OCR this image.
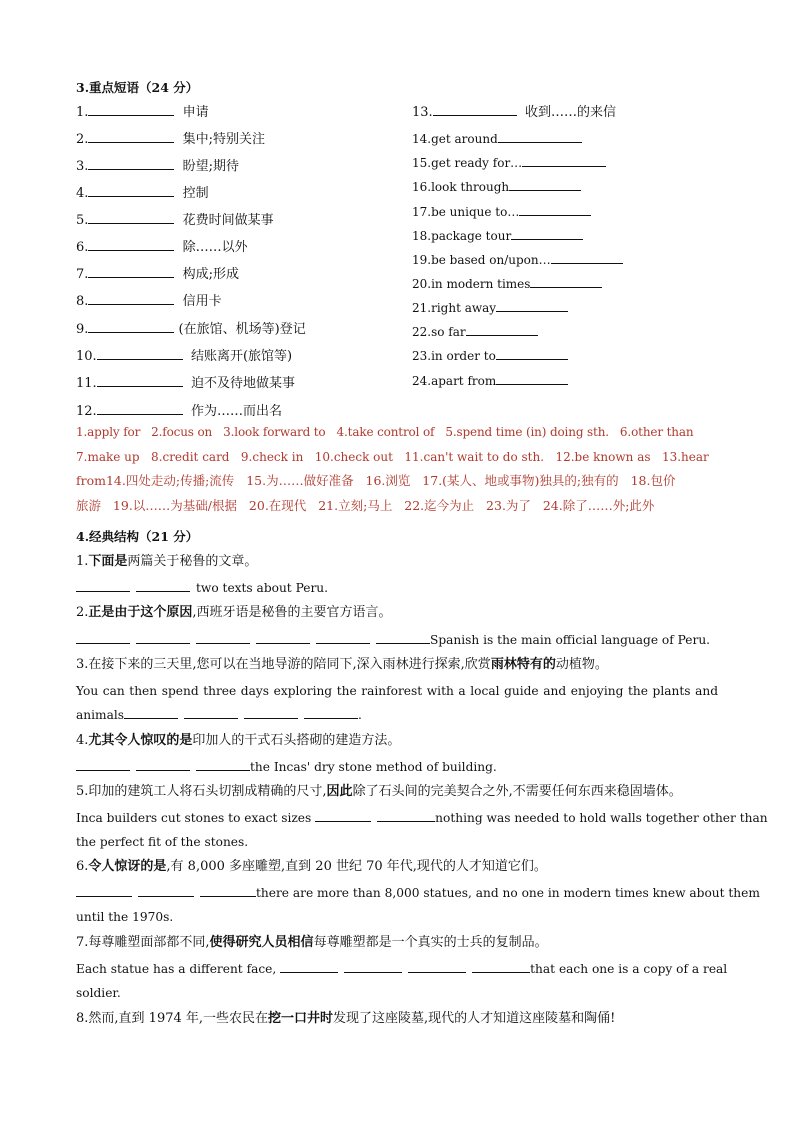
3.重点短语（24 分）
1.	申请
2.	集中;特别关注
3.	盼望;期待
4.	控制
5.	花费时间做某事
6.	除……以外
7.	构成;形成
8.	信用卡
9.	(在旅馆、机场等)登记
10.	结账离开(旅馆等)
11.	迫不及待地做某事
12.	作为……而出名
13.	收到……的来信
14.get around
15.get ready for…
16.look through
17.be unique to…
18.package tour
19.be based on/upon…
20.in modern times
21.right away
22.so far
23.in order to
24.apart from
1.apply for   2.focus on   3.look forward to   4.take control of   5.spend time (in) doing sth.   6.other than
7.make up   8.credit card   9.check in   10.check out   11.can't wait to do sth.   12.be known as   13.hear
from14.四处走动;传播;流传   15.为……做好准备   16.浏览   17.(某人、地或事物)独具的;独有的   18.包价
旅游   19.以……为基础/根据   20.在现代   21.立刻;马上   22.迄今为止   23.为了   24.除了……外;此外
4.经典结构（21 分）
1.下面是两篇关于秘鲁的文章。
two texts about Peru.
2.正是由于这个原因,西班牙语是秘鲁的主要官方语言。
Spanish is the main official language of Peru.
3.在接下来的三天里,您可以在当地导游的陪同下,深入雨林进行探索,欣赏雨林特有的动植物。
You can then spend three days exploring the rainforest with a local guide and enjoying the plants and
animals	.
4.尤其令人惊叹的是印加人的干式石头搭砌的建造方法。
the Incas' dry stone method of building.
5.印加的建筑工人将石头切割成精确的尺寸,因此除了石头间的完美契合之外,不需要任何东西来稳固墙体。
Inca builders cut stones to exact sizes	nothing was needed to hold walls together other than
the perfect fit of the stones.
6.令人惊讶的是,有 8,000 多座雕塑,直到 20 世纪 70 年代,现代的人才知道它们。
there are more than 8,000 statues, and no one in modern times knew about them
until the 1970s.
7.每尊雕塑面部都不同,使得研究人员相信每尊雕塑都是一个真实的士兵的复制品。
Each statue has a different face,	that each one is a copy of a real
soldier.
8.然而,直到 1974 年,一些农民在挖一口井时发现了这座陵墓,现代的人才知道这座陵墓和陶俑!
